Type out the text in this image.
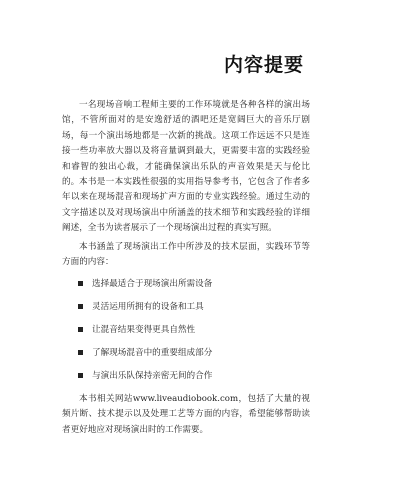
内容提要

一名现场音响工程师主要的工作环境就是各种各样的演出场馆，不管所面对的是安逸舒适的酒吧还是宽阔巨大的音乐厅剧场，每一个演出场地都是一次新的挑战。这项工作远远不只是连接一些功率放大器以及将音量调到最大，更需要丰富的实践经验和睿智的独出心裁，才能确保演出乐队的声音效果是天与伦比的。 本书是一本实践性很强的实用指导参考书，它包含了作者多年以来在现场混音和现场扩声方面的专业实践经验。通过生动的文字描述以及对现场演出中所涵盖的技术细节和实践经验的详细阐述，全书为读者展示了一个现场演出过程的真实写照。

本书涵盖了现场演出工作中所涉及的技术层面，实践环节等方面的内容：

选择最适合于现场演出所需设备
灵活运用所拥有的设备和工具
让混音结果变得更具自然性
了解现场混音中的重要组成部分
与演出乐队保持亲密无间的合作

本书相关网站www.liveaudiobook.com，包括了大量的视频片断、技术提示以及处理工艺等方面的内容，希望能够帮助读者更好地应对现场演出时的工作需要。
